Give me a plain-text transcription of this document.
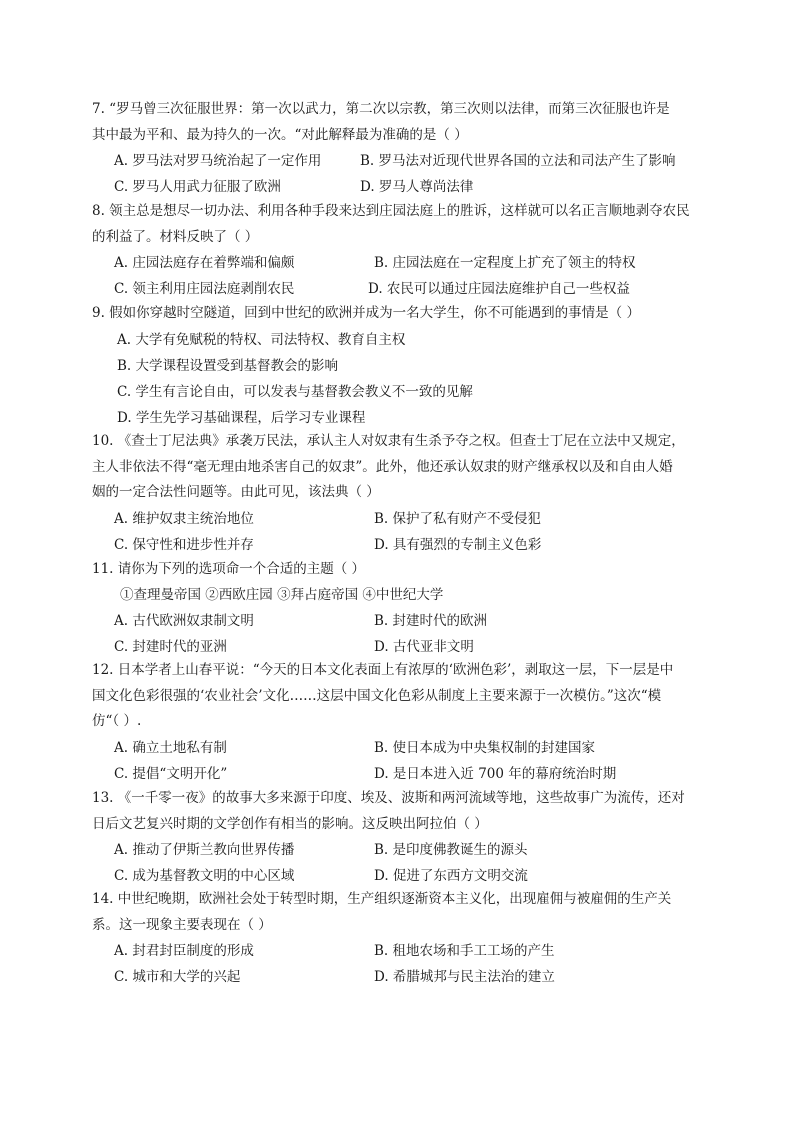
7. “罗马曾三次征服世界：第一次以武力，第二次以宗教，第三次则以法律，而第三次征服也许是
其中最为平和、最为持久的一次。“对此解释最为准确的是（ ）
A. 罗马法对罗马统治起了一定作用	B. 罗马法对近现代世界各国的立法和司法产生了影响
C. 罗马人用武力征服了欧洲	D. 罗马人尊尚法律
8. 领主总是想尽一切办法、利用各种手段来达到庄园法庭上的胜诉，这样就可以名正言顺地剥夺农民
的利益了。材料反映了（ ）
A. 庄园法庭存在着弊端和偏颇	B. 庄园法庭在一定程度上扩充了领主的特权
C. 领主利用庄园法庭剥削农民	D. 农民可以通过庄园法庭维护自己一些权益
9. 假如你穿越时空隧道，回到中世纪的欧洲并成为一名大学生，你不可能遇到的事情是（ ）
A. 大学有免赋税的特权、司法特权、教育自主权
B. 大学课程设置受到基督教会的影响
C. 学生有言论自由，可以发表与基督教会教义不一致的见解
D. 学生先学习基础课程，后学习专业课程
10. 《查士丁尼法典》承袭万民法，承认主人对奴隶有生杀予夺之权。但查士丁尼在立法中又规定，
主人非依法不得“毫无理由地杀害自己的奴隶”。此外，他还承认奴隶的财产继承权以及和自由人婚
姻的一定合法性问题等。由此可见，该法典（ ）
A. 维护奴隶主统治地位	B. 保护了私有财产不受侵犯
C. 保守性和进步性并存	D. 具有强烈的专制主义色彩
11. 请你为下列的选项命一个合适的主题（ ）
①查理曼帝国 ②西欧庄园 ③拜占庭帝国 ④中世纪大学
A. 古代欧洲奴隶制文明	B. 封建时代的欧洲
C. 封建时代的亚洲	D. 古代亚非文明
12. 日本学者上山春平说：“今天的日本文化表面上有浓厚的‘欧洲色彩’，剥取这一层，下一层是中
国文化色彩很强的‘农业社会’文化……这层中国文化色彩从制度上主要来源于一次模仿。”这次“模
仿“（ ）.
A. 确立土地私有制	B. 使日本成为中央集权制的封建国家
C. 提倡“文明开化”	D. 是日本进入近 700 年的幕府统治时期
13. 《一千零一夜》的故事大多来源于印度、埃及、波斯和两河流域等地，这些故事广为流传，还对
日后文艺复兴时期的文学创作有相当的影响。这反映出阿拉伯（ ）
A. 推动了伊斯兰教向世界传播	B. 是印度佛教诞生的源头
C. 成为基督教文明的中心区域	D. 促进了东西方文明交流
14. 中世纪晚期，欧洲社会处于转型时期，生产组织逐渐资本主义化，出现雇佣与被雇佣的生产关
系。这一现象主要表现在（ ）
A. 封君封臣制度的形成	B. 租地农场和手工工场的产生
C. 城市和大学的兴起	D. 希腊城邦与民主法治的建立
